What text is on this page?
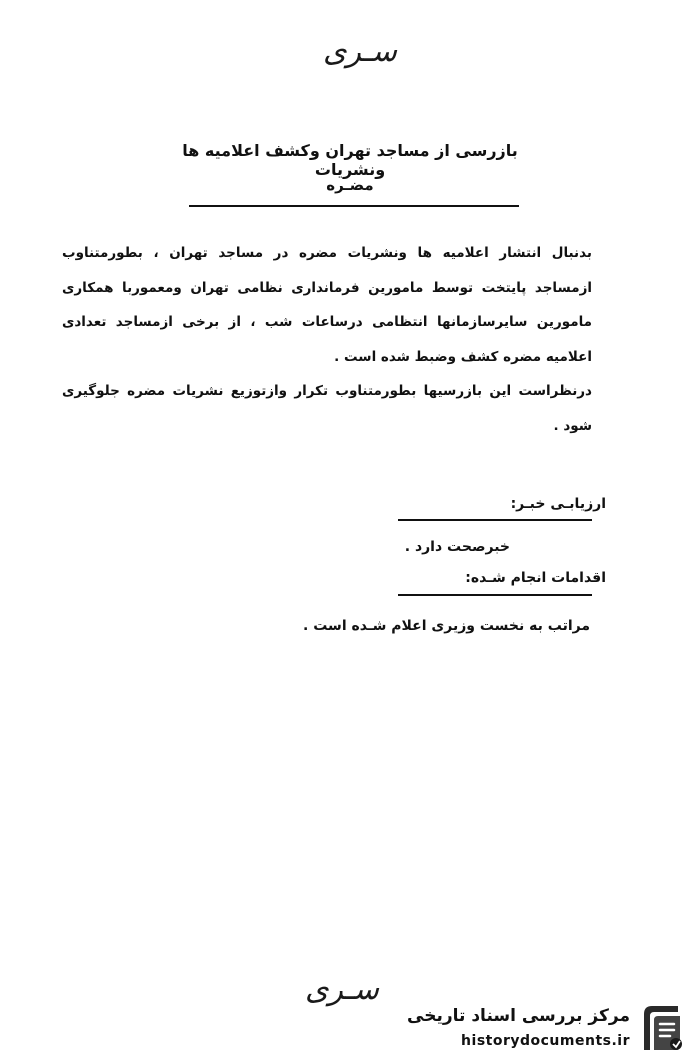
سـرى
بازرسی از مساجد تهران وکشف اعلامیه ها ونشریات
مضـره

بدنبال انتشار اعلامیه ها ونشریات مضره در مساجد تهران ، بطورمتناوب ازمساجد پایتخت توسط مامورین فرماندارى نظامى تهران ومعموربا همکارى مامورین سایرسازمانها انتظامى درساعات شب ، از برخى ازمساجد تعدادى اعلامیه مضره کشف وضبط شده است .

درنظراست این بازرسیها بطورمتناوب تکرار وازتوزیع نشریات مضره جلوگیرى شود .

ارزیابـی خبـر:
خبرصحت دارد .
اقدامات انجام شـده:
مراتب به نخست وزیری اعلام شـده است .
سـرى
مرکز بررسی اسناد تاریخی
historydocuments.ir
